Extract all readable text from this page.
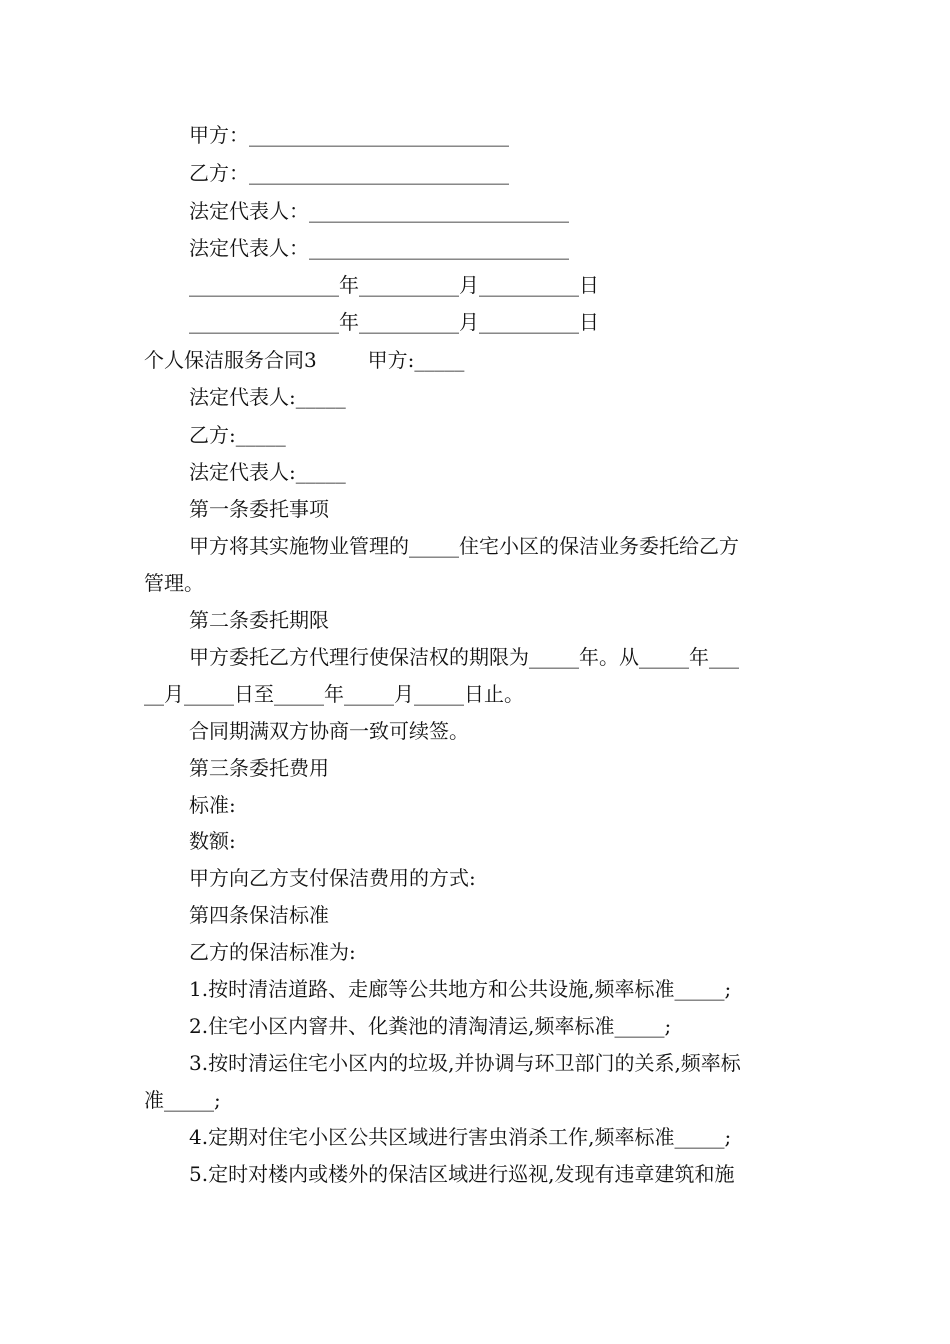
甲方：__________________________
乙方：__________________________
法定代表人：__________________________
法定代表人：__________________________
_______________年__________月__________日
_______________年__________月__________日
个人保洁服务合同3        甲方:_____
法定代表人:_____
乙方:_____
法定代表人:_____
第一条委托事项
甲方将其实施物业管理的_____住宅小区的保洁业务委托给乙方
管理。
第二条委托期限
甲方委托乙方代理行使保洁权的期限为_____年。从_____年___
__月_____日至_____年_____月_____日止。
合同期满双方协商一致可续签。
第三条委托费用
标准:
数额:
甲方向乙方支付保洁费用的方式:
第四条保洁标准
乙方的保洁标准为:
1.按时清洁道路、走廊等公共地方和公共设施,频率标准_____;
2.住宅小区内窨井、化粪池的清淘清运,频率标准_____;
3.按时清运住宅小区内的垃圾,并协调与环卫部门的关系,频率标
准_____;
4.定期对住宅小区公共区域进行害虫消杀工作,频率标准_____;
5.定时对楼内或楼外的保洁区域进行巡视,发现有违章建筑和施
